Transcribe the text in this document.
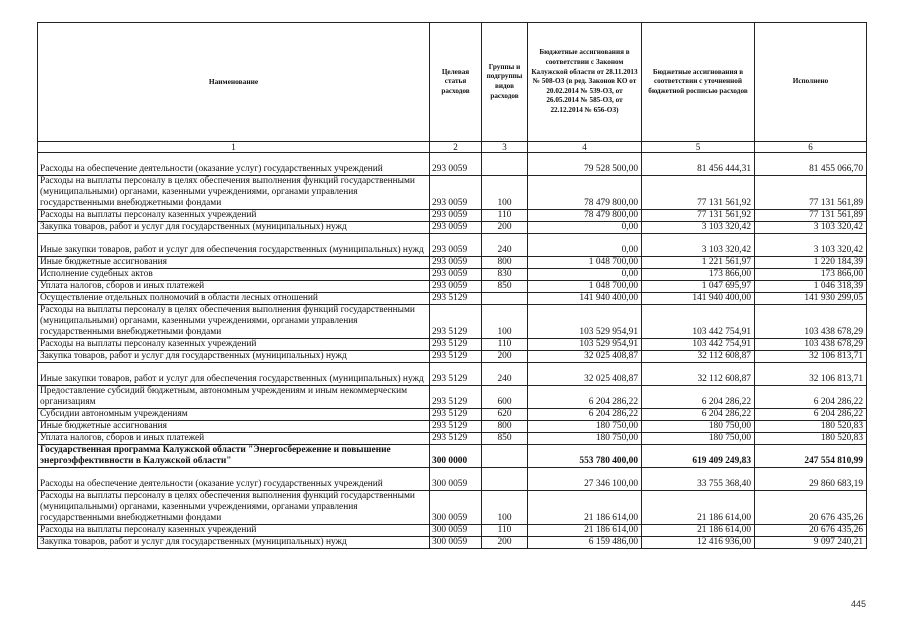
Наименование	Целевая статья расходов	Группы и подгруппы видов расходов	Бюджетные ассигнования в соответствии с Законом Калужской области от 28.11.2013 № 508-ОЗ (в ред. Законов КО от 20.02.2014 № 539-ОЗ, от 26.05.2014 № 585-ОЗ, от 22.12.2014 № 656-ОЗ)	Бюджетные ассигнования в соответствии с уточненной бюджетной росписью расходов	Исполнено
1	2	3	4	5	6
Расходы на обеспечение деятельности (оказание услуг) государственных учреждений	293 0059		79 528 500,00	81 456 444,31	81 455 066,70
Расходы на выплаты персоналу в целях обеспечения выполнения функций государственными (муниципальными) органами, казенными учреждениями, органами управления государственными внебюджетными фондами	293 0059	100	78 479 800,00	77 131 561,92	77 131 561,89
Расходы на выплаты персоналу казенных учреждений	293 0059	110	78 479 800,00	77 131 561,92	77 131 561,89
Закупка товаров, работ и услуг для государственных (муниципальных) нужд	293 0059	200	0,00	3 103 320,42	3 103 320,42
Иные закупки товаров, работ и услуг для обеспечения государственных (муниципальных) нужд	293 0059	240	0,00	3 103 320,42	3 103 320,42
Иные бюджетные ассигнования	293 0059	800	1 048 700,00	1 221 561,97	1 220 184,39
Исполнение судебных актов	293 0059	830	0,00	173 866,00	173 866,00
Уплата налогов, сборов и иных платежей	293 0059	850	1 048 700,00	1 047 695,97	1 046 318,39
Осуществление отдельных полномочий в области лесных отношений	293 5129		141 940 400,00	141 940 400,00	141 930 299,05
Расходы на выплаты персоналу в целях обеспечения выполнения функций государственными (муниципальными) органами, казенными учреждениями, органами управления государственными внебюджетными фондами	293 5129	100	103 529 954,91	103 442 754,91	103 438 678,29
Расходы на выплаты персоналу казенных учреждений	293 5129	110	103 529 954,91	103 442 754,91	103 438 678,29
Закупка товаров, работ и услуг для государственных (муниципальных) нужд	293 5129	200	32 025 408,87	32 112 608,87	32 106 813,71
Иные закупки товаров, работ и услуг для обеспечения государственных (муниципальных) нужд	293 5129	240	32 025 408,87	32 112 608,87	32 106 813,71
Предоставление субсидий бюджетным, автономным учреждениям и иным некоммерческим организациям	293 5129	600	6 204 286,22	6 204 286,22	6 204 286,22
Субсидии автономным учреждениям	293 5129	620	6 204 286,22	6 204 286,22	6 204 286,22
Иные бюджетные ассигнования	293 5129	800	180 750,00	180 750,00	180 520,83
Уплата налогов, сборов и иных платежей	293 5129	850	180 750,00	180 750,00	180 520,83
Государственная программа Калужской области "Энергосбережение и повышение энергоэффективности в Калужской области"	300 0000		553 780 400,00	619 409 249,83	247 554 810,99
Расходы на обеспечение деятельности (оказание услуг) государственных учреждений	300 0059		27 346 100,00	33 755 368,40	29 860 683,19
Расходы на выплаты персоналу в целях обеспечения выполнения функций государственными (муниципальными) органами, казенными учреждениями, органами управления государственными внебюджетными фондами	300 0059	100	21 186 614,00	21 186 614,00	20 676 435,26
Расходы на выплаты персоналу казенных учреждений	300 0059	110	21 186 614,00	21 186 614,00	20 676 435,26
Закупка товаров, работ и услуг для государственных (муниципальных) нужд	300 0059	200	6 159 486,00	12 416 936,00	9 097 240,21
445
